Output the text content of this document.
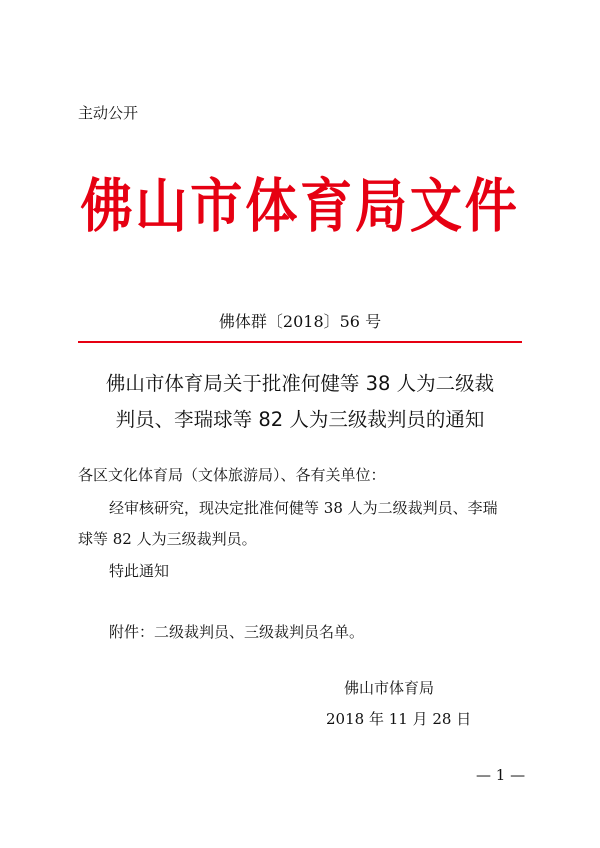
主动公开
佛山市体育局文件
佛体群〔2018〕56 号
佛山市体育局关于批准何健等 38 人为二级裁
判员、李瑞球等 82 人为三级裁判员的通知
各区文化体育局（文体旅游局）、各有关单位：
经审核研究，现决定批准何健等 38 人为二级裁判员、李瑞
球等 82 人为三级裁判员。
特此通知
附件：二级裁判员、三级裁判员名单。
佛山市体育局
2018 年 11 月 28 日
— 1 —
